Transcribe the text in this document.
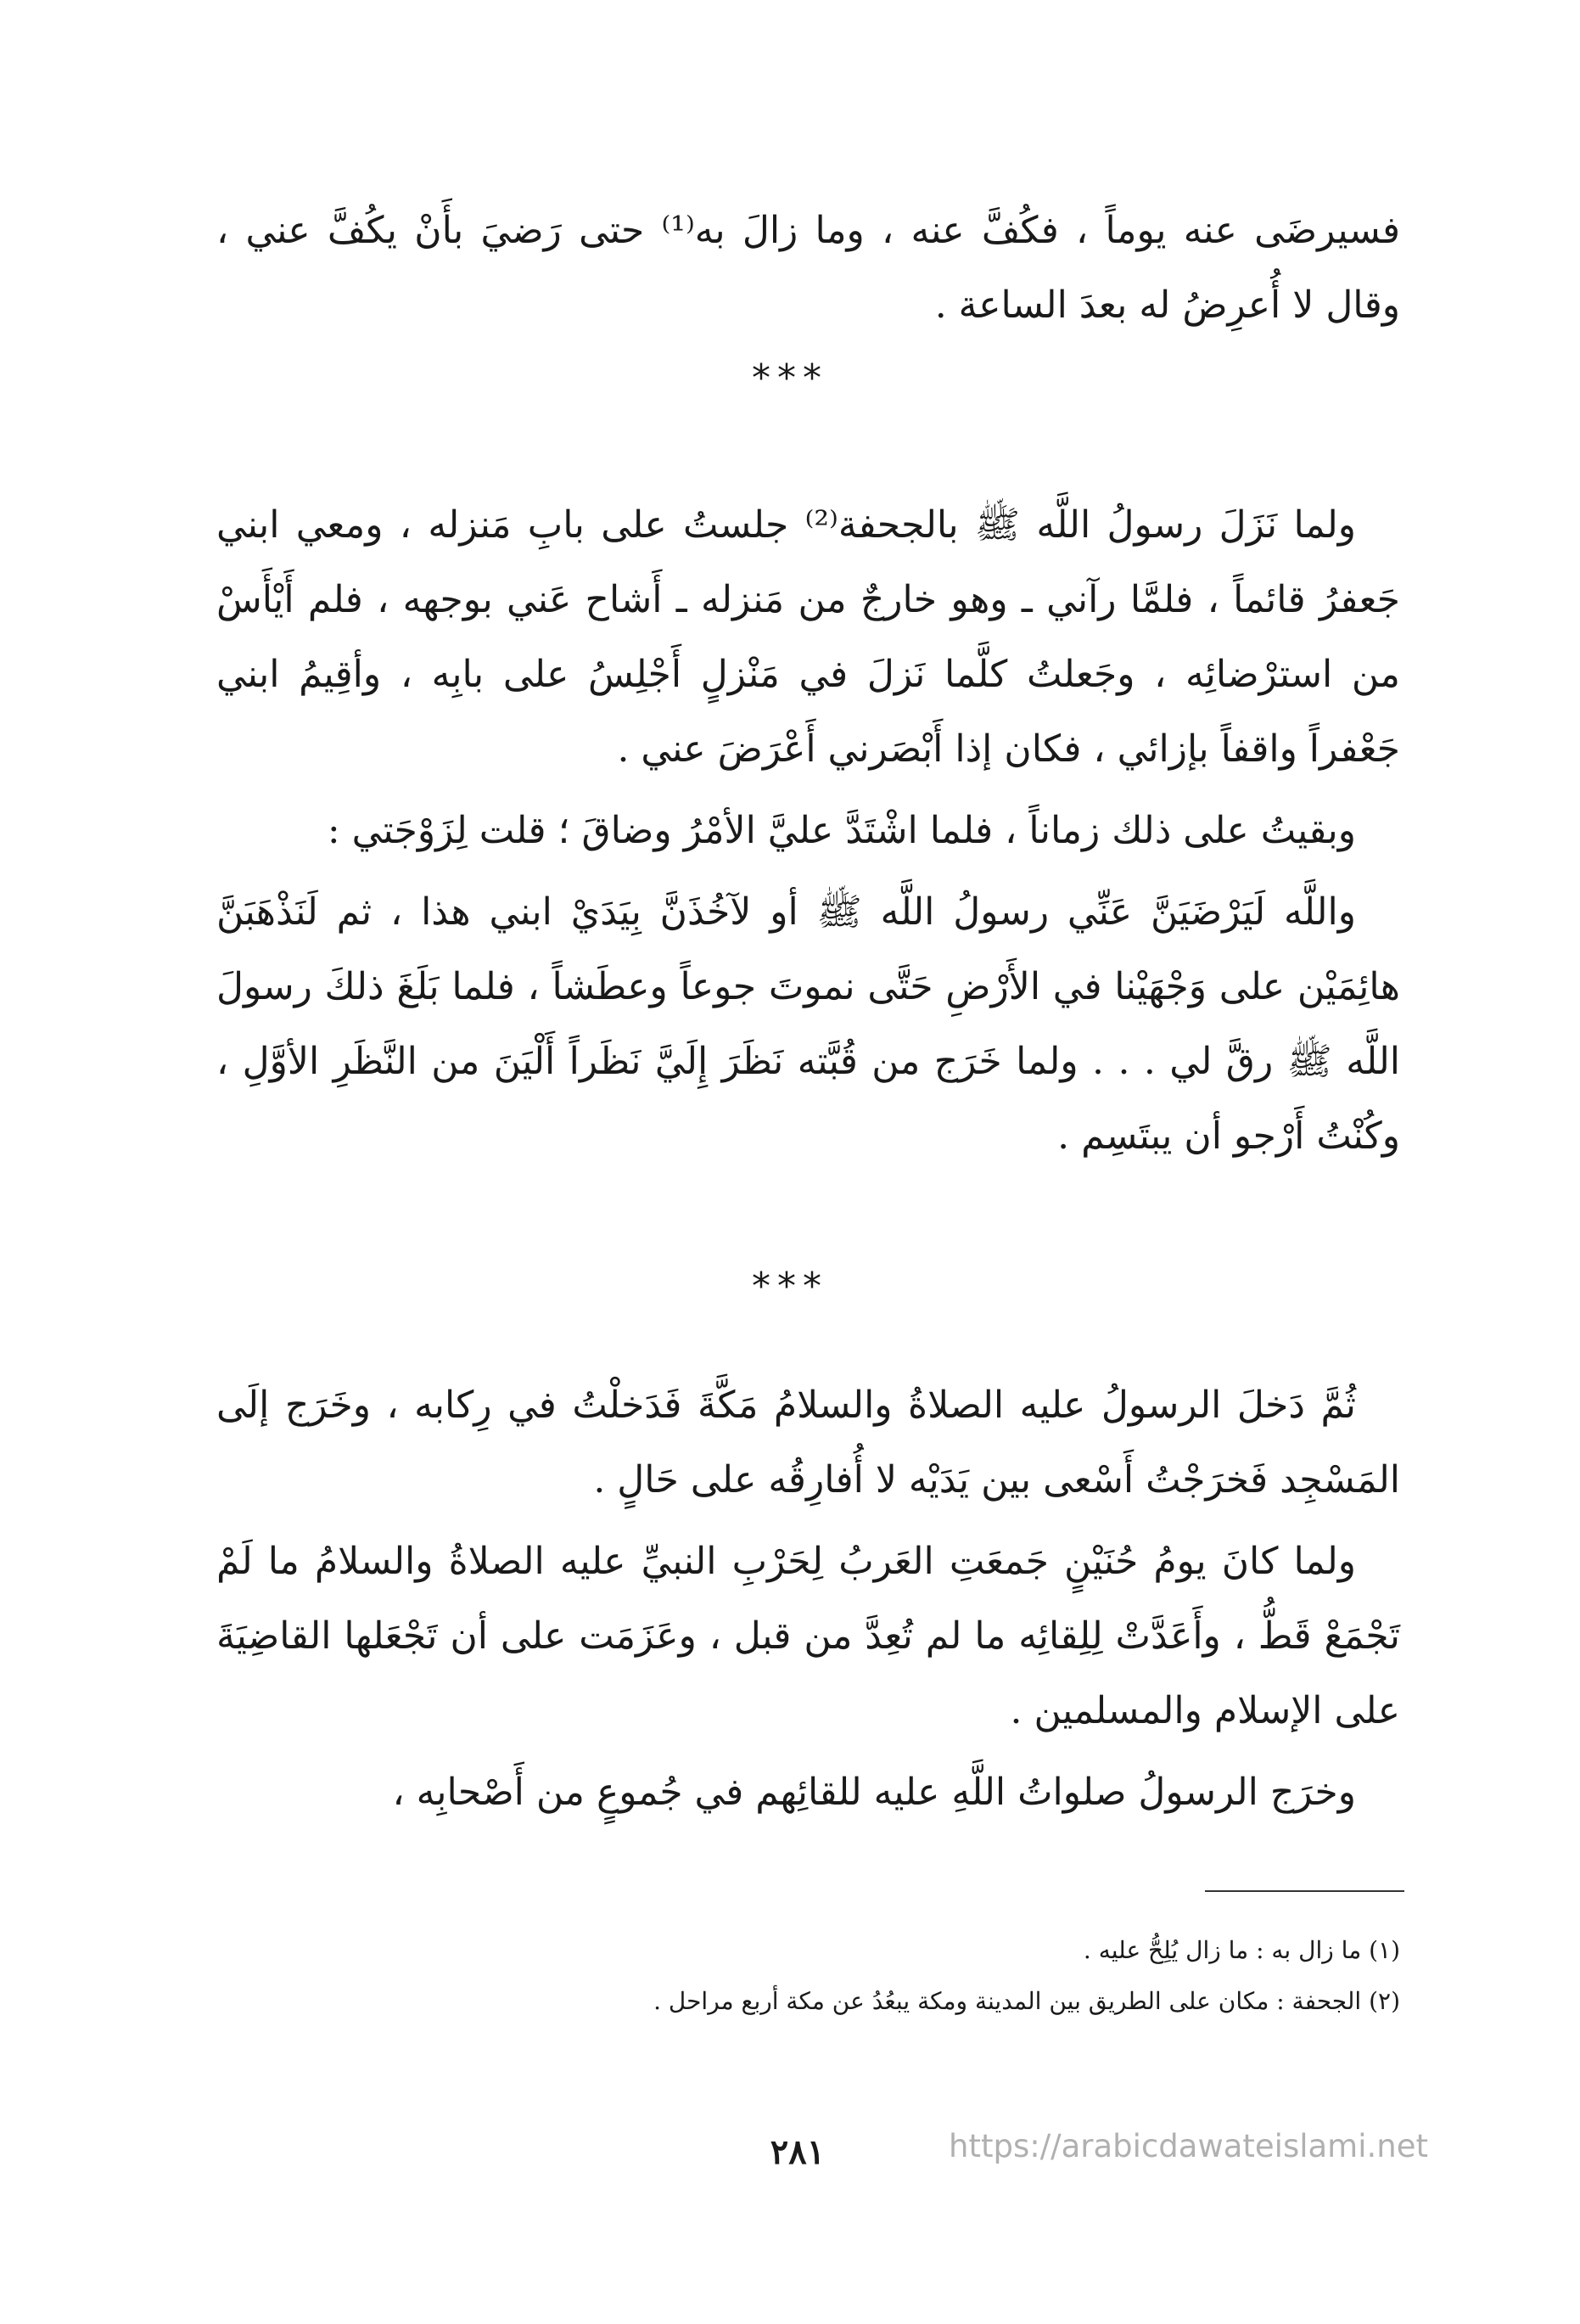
فسيرضَى عنه يوماً ، فكُفَّ عنه ، وما زالَ به⁽¹⁾ حتى رَضيَ بأَنْ يكُفَّ عني ، وقال لا أُعرِضُ له بعدَ الساعة .

***

ولما نَزَلَ رسولُ اللَّه ﷺ بالجحفة⁽²⁾ جلستُ على بابِ مَنزله ، ومعي ابني جَعفرُ قائماً ، فلمَّا رآني ـ وهو خارجٌ من مَنزله ـ أَشاح عَني بوجهه ، فلم أَيْأَسْ من استرْضائِه ، وجَعلتُ كلَّما نَزلَ في مَنْزلٍ أَجْلِسُ على بابِه ، وأقِيمُ ابني جَعْفراً واقفاً بإزائي ، فكان إذا أَبْصَرني أَعْرَضَ عني .

وبقيتُ على ذلك زماناً ، فلما اشْتَدَّ عليَّ الأمْرُ وضاقَ ؛ قلت لِزَوْجَتي :

واللَّه لَيَرْضَيَنَّ عَنِّي رسولُ اللَّه ﷺ أو لآخُذَنَّ بِيَدَيْ ابني هذا ، ثم لَنَذْهَبَنَّ هائِمَيْن على وَجْهَيْنا في الأَرْضِ حَتَّى نموتَ جوعاً وعطَشاً ، فلما بَلَغَ ذلكَ رسولَ اللَّه ﷺ رقَّ لي . . . ولما خَرَج من قُبَّته نَظَرَ إِلَيَّ نَظَراً أَلْيَنَ من النَّظَرِ الأوَّلِ ، وكُنْتُ أَرْجو أن يبتَسِم .

***

ثُمَّ دَخلَ الرسولُ عليه الصلاةُ والسلامُ مَكَّةَ فَدَخلْتُ في رِكابه ، وخَرَج إلَى المَسْجِد فَخرَجْتُ أَسْعى بين يَدَيْه لا أُفارِقُه على حَالٍ .

ولما كانَ يومُ حُنَيْنٍ جَمعَتِ العَربُ لِحَرْبِ النبيِّ عليه الصلاةُ والسلامُ ما لَمْ تَجْمَعْ قَطُّ ، وأَعَدَّتْ لِلِقائِه ما لم تُعِدَّ من قبل ، وعَزَمَت على أن تَجْعَلها القاضِيَةَ على الإسلام والمسلمين .

وخرَج الرسولُ صلواتُ اللَّهِ عليه للقائِهم في جُموعٍ من أَصْحابِه ،

(١) ما زال به : ما زال يُلِحُّ عليه .

(٢) الجحفة : مكان على الطريق بين المدينة ومكة يبعُدُ عن مكة أربع مراحل .

٢٨١	https://arabicdawateislami.net
